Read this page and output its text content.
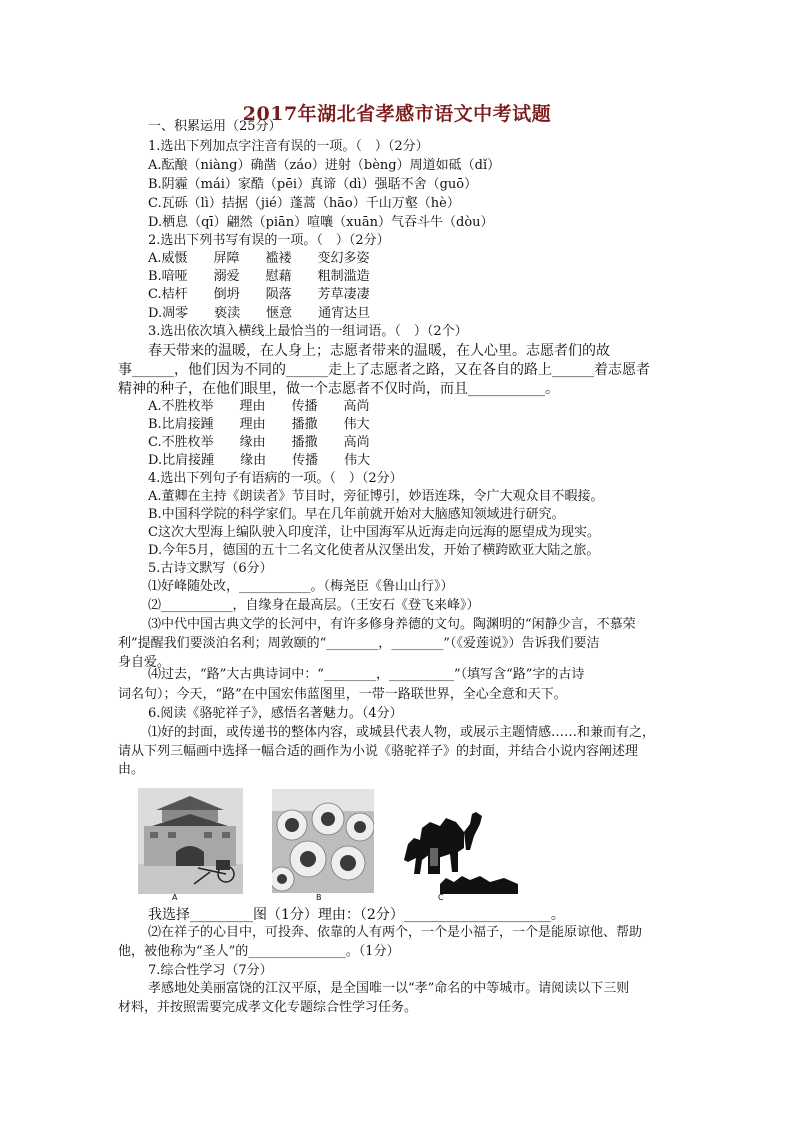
2017年湖北省孝感市语文中考试题
一、积累运用（25分）
1.选出下列加点字注音有误的一项。（　）（2分）
A.酝酿（niàng）确凿（záo）迸射（bèng）周道如砥（dǐ）
B.阴霾（mái）家酷（pēi）真谛（dì）强聒不舍（guō）
C.瓦砾（lì）拮据（jié）蓬蒿（hāo）千山万壑（hè）
D.栖息（qī）翩然（piān）喧嚷（xuān）气吞斗牛（dòu）
2.选出下列书写有误的一项。（　）（2分）
A.威慑　　屏障　　褴褛　　变幻多姿
B.喑哑　　溺爱　　慰藉　　粗制滥造
C.桔杆　　倒坍　　陨落　　芳草凄凄
D.凋零　　亵渎　　惬意　　通宵达旦
3.选出依次填入横线上最恰当的一组词语。（　）（2个）
春天带来的温暖，在人身上；志愿者带来的温暖，在人心里。志愿者们的故
事______，他们因为不同的______走上了志愿者之路，又在各自的路上______着志愿者
精神的种子，在他们眼里，做一个志愿者不仅时尚，而且___________。
A.不胜枚举　　理由　　传播　　高尚
B.比肩接踵　　理由　　播撒　　伟大
C.不胜枚举　　缘由　　播撒　　高尚
D.比肩接踵　　缘由　　传播　　伟大
4.选出下列句子有语病的一项。（　）（2分）
A.董卿在主持《朗读者》节目时，旁征博引，妙语连珠，令广大观众目不暇接。
B.中国科学院的科学家们。早在几年前就开始对大脑感知领域进行研究。
C这次大型海上编队驶入印度洋，让中国海军从近海走向远海的愿望成为现实。
D.今年5月，德国的五十二名文化使者从汉堡出发，开始了横跨欧亚大陆之旅。
5.古诗文默写（6分）
⑴好峰随处改，___________。（梅尧臣《鲁山山行》）
⑵___________，自缘身在最高层。（王安石《登飞来峰》）
⑶中代中国古典文学的长河中，有许多修身养德的文句。陶渊明的“闲静少言，不慕荣
利”提醒我们要淡泊名利；周敦颐的“________，________”（《爱莲说》）告诉我们要洁
身自爱。
⑷过去，“路”大古典诗词中：“________，__________”（填写含“路”字的古诗
词名句）；今天，“路”在中国宏伟蓝图里，一带一路联世界，全心全意和天下。
6.阅读《骆驼祥子》，感悟名著魅力。（4分）
⑴好的封面，或传递书的整体内容，或城县代表人物，或展示主题情感……和兼而有之，
请从下列三幅画中选择一幅合适的画作为小说《骆驼祥子》的封面，并结合小说内容阐述理
由。
A	B	C
我选择_________图（1分）理由：（2分）_____________________。
⑵在祥子的心目中，可投奔、依靠的人有两个，一个是小福子，一个是能原谅他、帮助
他，被他称为“圣人”的_______________。（1分）
7.综合性学习（7分）
孝感地处美丽富饶的江汉平原，是全国唯一以“孝”命名的中等城市。请阅读以下三则
材料，并按照需要完成孝文化专题综合性学习任务。
